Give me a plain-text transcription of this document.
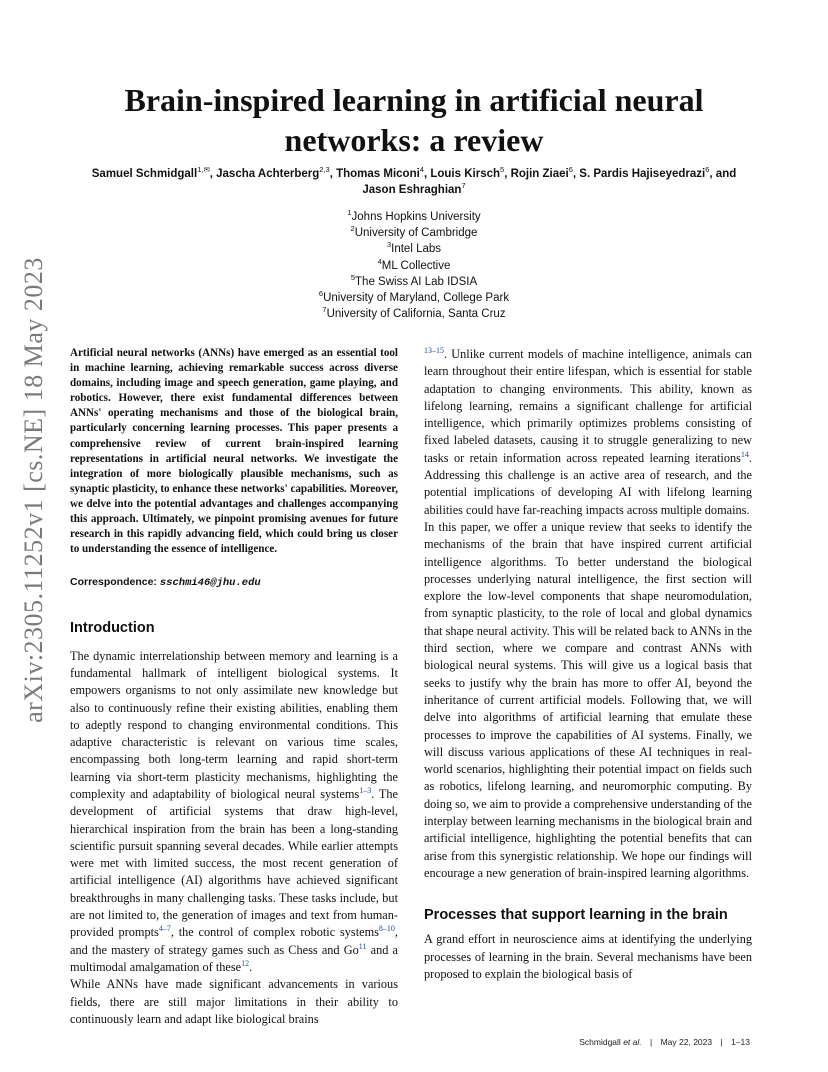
arXiv:2305.11252v1 [cs.NE] 18 May 2023
Brain-inspired learning in artificial neural networks: a review
Samuel Schmidgall$^{1,✉}$, Jascha Achterberg$^{2,3}$, Thomas Miconi$^4$, Louis Kirsch$^5$, Rojin Ziaei$^6$, S. Pardis Hajiseyedrazi$^6$, and
Jason Eshraghian$^7$
$^1$Johns Hopkins University
$^2$University of Cambridge
$^3$Intel Labs
$^4$ML Collective
$^5$The Swiss AI Lab IDSIA
$^6$University of Maryland, College Park
$^7$University of California, Santa Cruz

Artificial neural networks (ANNs) have emerged as an essential tool in machine learning, achieving remarkable success across diverse domains, including image and speech generation, game playing, and robotics. However, there exist fundamental differences between ANNs' operating mechanisms and those of the biological brain, particularly concerning learning processes. This paper presents a comprehensive review of current brain-inspired learning representations in artificial neural networks. We investigate the integration of more biologically plausible mechanisms, such as synaptic plasticity, to enhance these networks' capabilities. Moreover, we delve into the potential advantages and challenges accompanying this approach. Ultimately, we pinpoint promising avenues for future research in this rapidly advancing field, which could bring us closer to understanding the essence of intelligence.

Correspondence: sschmi46@jhu.edu

Introduction

The dynamic interrelationship between memory and learning is a fundamental hallmark of intelligent biological systems. It empowers organisms to not only assimilate new knowledge but also to continuously refine their existing abilities, enabling them to adeptly respond to changing environmental conditions. This adaptive characteristic is relevant on various time scales, encompassing both long-term learning and rapid short-term learning via short-term plasticity mechanisms, highlighting the complexity and adaptability of biological neural systems$^{1-3}$. The development of artificial systems that draw high-level, hierarchical inspiration from the brain has been a long-standing scientific pursuit spanning several decades. While earlier attempts were met with limited success, the most recent generation of artificial intelligence (AI) algorithms have achieved significant breakthroughs in many challenging tasks. These tasks include, but are not limited to, the generation of images and text from human-provided prompts$^{4-7}$, the control of complex robotic systems$^{8-10}$, and the mastery of strategy games such as Chess and Go$^{11}$ and a multimodal amalgamation of these$^{12}$.

While ANNs have made significant advancements in various fields, there are still major limitations in their ability to continuously learn and adapt like biological brains

$^{13-15}$. Unlike current models of machine intelligence, animals can learn throughout their entire lifespan, which is essential for stable adaptation to changing environments. This ability, known as lifelong learning, remains a significant challenge for artificial intelligence, which primarily optimizes problems consisting of fixed labeled datasets, causing it to struggle generalizing to new tasks or retain information across repeated learning iterations$^{14}$. Addressing this challenge is an active area of research, and the potential implications of developing AI with lifelong learning abilities could have far-reaching impacts across multiple domains.

In this paper, we offer a unique review that seeks to identify the mechanisms of the brain that have inspired current artificial intelligence algorithms. To better understand the biological processes underlying natural intelligence, the first section will explore the low-level components that shape neuromodulation, from synaptic plasticity, to the role of local and global dynamics that shape neural activity. This will be related back to ANNs in the third section, where we compare and contrast ANNs with biological neural systems. This will give us a logical basis that seeks to justify why the brain has more to offer AI, beyond the inheritance of current artificial models. Following that, we will delve into algorithms of artificial learning that emulate these processes to improve the capabilities of AI systems. Finally, we will discuss various applications of these AI techniques in real-world scenarios, highlighting their potential impact on fields such as robotics, lifelong learning, and neuromorphic computing. By doing so, we aim to provide a comprehensive understanding of the interplay between learning mechanisms in the biological brain and artificial intelligence, highlighting the potential benefits that can arise from this synergistic relationship. We hope our findings will encourage a new generation of brain-inspired learning algorithms.

Processes that support learning in the brain

A grand effort in neuroscience aims at identifying the underlying processes of learning in the brain. Several mechanisms have been proposed to explain the biological basis of

Schmidgall et al. | May 22, 2023 | 1–13
